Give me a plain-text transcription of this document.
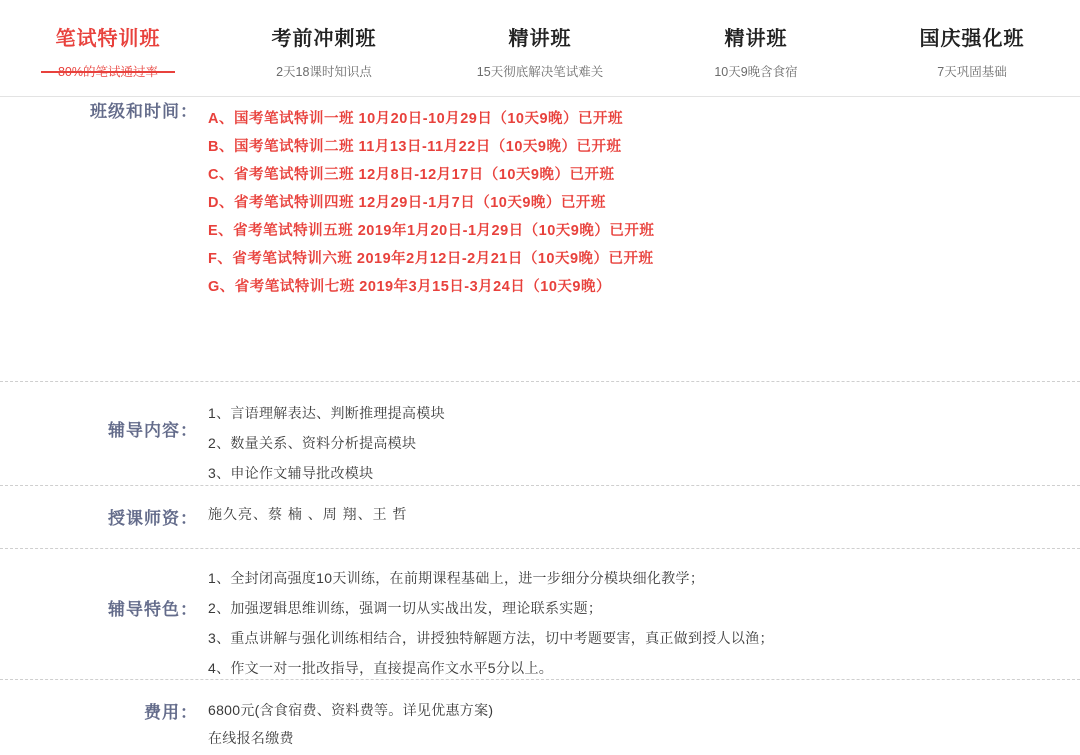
笔试特训班	考前冲刺班
2天18课时知识点
精讲班
15天彻底解决笔试难关
精讲班
10天9晚含食宿
国庆强化班
7天巩固基础
班级和时间： A、国考笔试特训一班 10月20日-10月29日（10天9晚）已开班
B、国考笔试特训二班 11月13日-11月22日（10天9晚）已开班
C、省考笔试特训三班 12月8日-12月17日（10天9晚）已开班
D、省考笔试特训四班 12月29日-1月7日（10天9晚）已开班
E、省考笔试特训五班 2019年1月20日-1月29日（10天9晚）已开班
F、省考笔试特训六班 2019年2月12日-2月21日（10天9晚）已开班
G、省考笔试特训七班 2019年3月15日-3月24日（10天9晚）
辅导内容：
1、言语理解表达、判断推理提高模块
2、数量关系、资料分析提高模块
3、申论作文辅导批改模块
授课师资： 施久亮、蔡 楠 、周 翔、王 哲
辅导特色：
1、全封闭高强度10天训练，在前期课程基础上，进一步细分分模块细化教学；
2、加强逻辑思维训练，强调一切从实战出发，理论联系实题；
3、重点讲解与强化训练相结合，讲授独特解题方法，切中考题要害，真正做到授人以渔；
4、作文一对一批改指导，直接提高作文水平5分以上。
费用： 6800元(含食宿费、资料费等。详见优惠方案)
在线报名缴费
